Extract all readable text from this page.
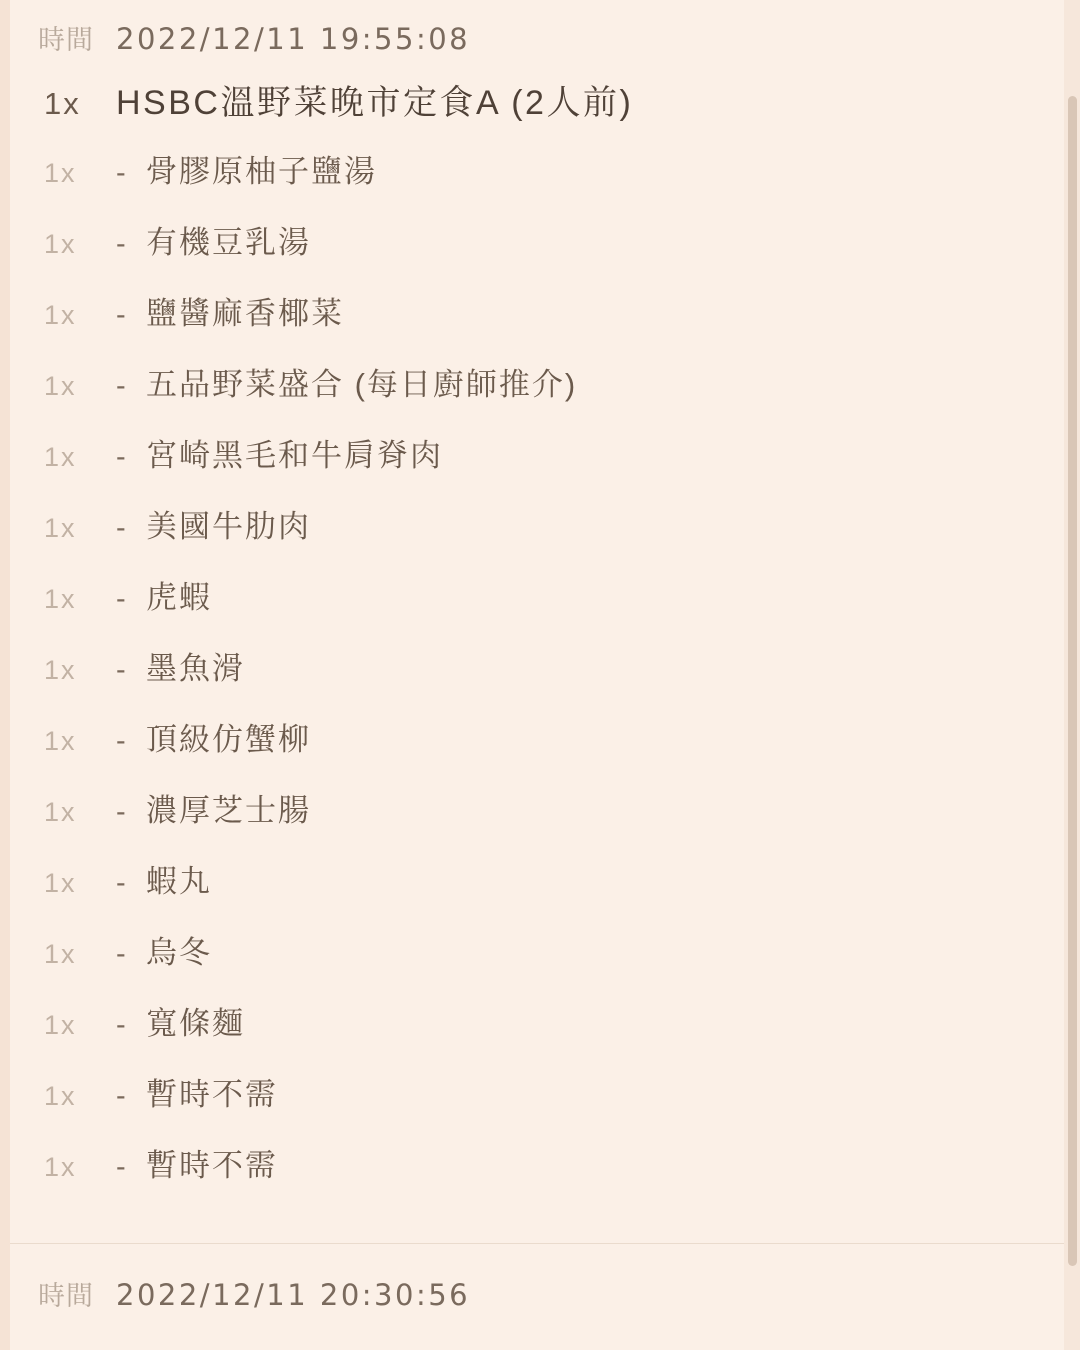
時間 2022/12/11 19:55:08
1x	HSBC溫野菜晚市定食A (2人前)
1x	- 骨膠原柚子鹽湯
1x	- 有機豆乳湯
1x	- 鹽醬麻香椰菜
1x	- 五品野菜盛合 (每日廚師推介)
1x	- 宮崎黑毛和牛肩脊肉
1x	- 美國牛肋肉
1x	- 虎蝦
1x	- 墨魚滑
1x	- 頂級仿蟹柳
1x	- 濃厚芝士腸
1x	- 蝦丸
1x	- 烏冬
1x	- 寬條麵
1x	- 暫時不需
1x	- 暫時不需
時間 2022/12/11 20:30:56
